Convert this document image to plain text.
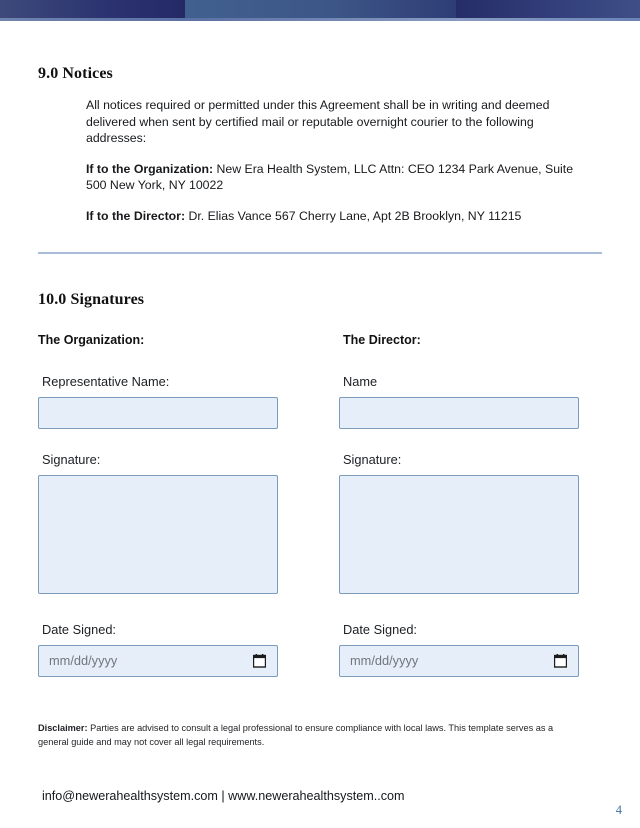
9.0 Notices

All notices required or permitted under this Agreement shall be in writing and deemed delivered when sent by certified mail or reputable overnight courier to the following addresses:

If to the Organization: New Era Health System, LLC Attn: CEO 1234 Park Avenue, Suite 500 New York, NY 10022

If to the Director: Dr. Elias Vance 567 Cherry Lane, Apt 2B Brooklyn, NY 11215

10.0 Signatures
The Organization:
Representative Name:
Signature:
Date Signed:
mm/dd/yyyy
The Director:
Name
Signature:
Date Signed:
mm/dd/yyyy
Disclaimer: Parties are advised to consult a legal professional to ensure compliance with local laws. This template serves as a general guide and may not cover all legal requirements.
info@newerahealthsystem.com | www.newerahealthsystem..com
4
